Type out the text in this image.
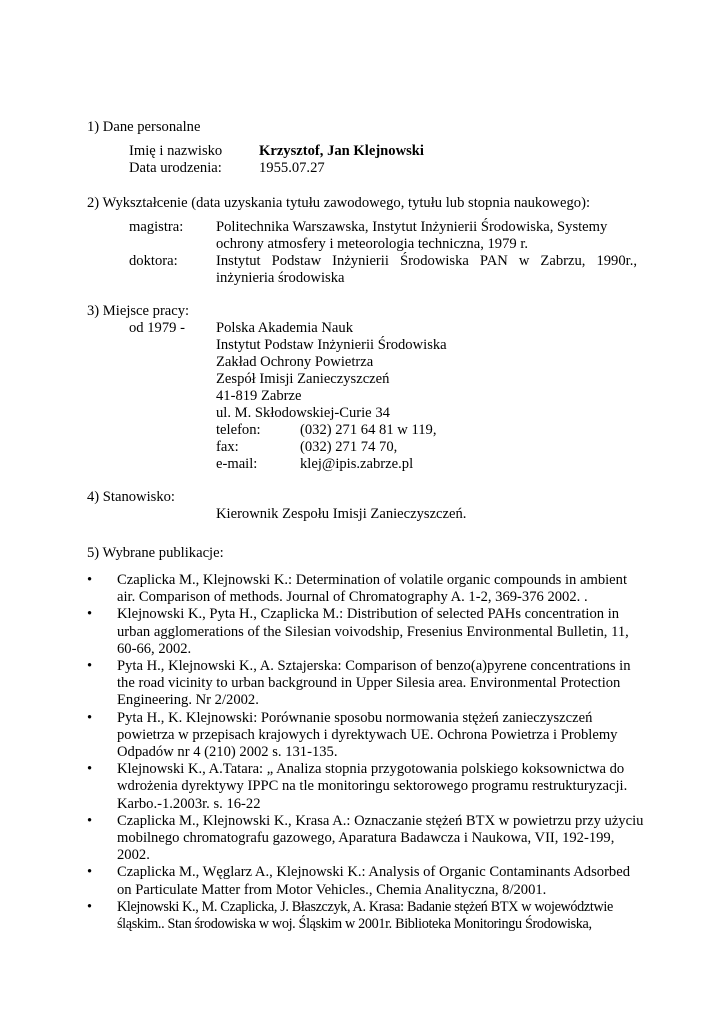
1) Dane personalne
Imię i nazwisko	Krzysztof, Jan Klejnowski
Data urodzenia:	1955.07.27
2) Wykształcenie (data uzyskania tytułu zawodowego, tytułu lub stopnia naukowego):
magistra: Politechnika Warszawska, Instytut Inżynierii Środowiska, Systemy
ochrony atmosfery i meteorologia techniczna, 1979 r.
doktora:	Instytut Podstaw Inżynierii Środowiska PAN w Zabrzu, 1990r.,
inżynieria środowiska
3) Miejsce pracy:
od 1979 - Polska Akademia Nauk
Instytut Podstaw Inżynierii Środowiska
Zakład Ochrony Powietrza
Zespół Imisji Zanieczyszczeń
41-819 Zabrze
ul. M. Skłodowskiej-Curie 34
telefon:	(032) 271 64 81 w 119,
fax:	(032) 271 74 70,
e-mail:	klej@ipis.zabrze.pl
4) Stanowisko:
Kierownik Zespołu Imisji Zanieczyszczeń.
5) Wybrane publikacje:
• Czaplicka M., Klejnowski K.: Determination of volatile organic compounds in ambient air. Comparison of methods. Journal of Chromatography A. 1-2, 369-376 2002. .
• Klejnowski K., Pyta H., Czaplicka M.: Distribution of selected PAHs concentration in urban agglomerations of the Silesian voivodship, Fresenius Environmental Bulletin, 11, 60-66, 2002.
• Pyta H., Klejnowski K., A. Sztajerska: Comparison of benzo(a)pyrene concentrations in the road vicinity to urban background in Upper Silesia area. Environmental Protection Engineering. Nr 2/2002.
• Pyta H., K. Klejnowski: Porównanie sposobu normowania stężeń zanieczyszczeń powietrza w przepisach krajowych i dyrektywach UE. Ochrona Powietrza i Problemy Odpadów nr 4 (210) 2002 s. 131-135.
• Klejnowski K., A.Tatara: „ Analiza stopnia przygotowania polskiego koksownictwa do wdrożenia dyrektywy IPPC na tle monitoringu sektorowego programu restrukturyzacji. Karbo.-1.2003r. s. 16-22
• Czaplicka M., Klejnowski K., Krasa A.: Oznaczanie stężeń BTX w powietrzu przy użyciu mobilnego chromatografu gazowego, Aparatura Badawcza i Naukowa, VII, 192-199, 2002.
• Czaplicka M., Węglarz A., Klejnowski K.: Analysis of Organic Contaminants Adsorbed on Particulate Matter from Motor Vehicles., Chemia Analityczna, 8/2001.
• Klejnowski K., M. Czaplicka, J. Błaszczyk, A. Krasa: Badanie stężeń BTX w województwie śląskim.. Stan środowiska w woj. Śląskim w 2001r. Biblioteka Monitoringu Środowiska,
